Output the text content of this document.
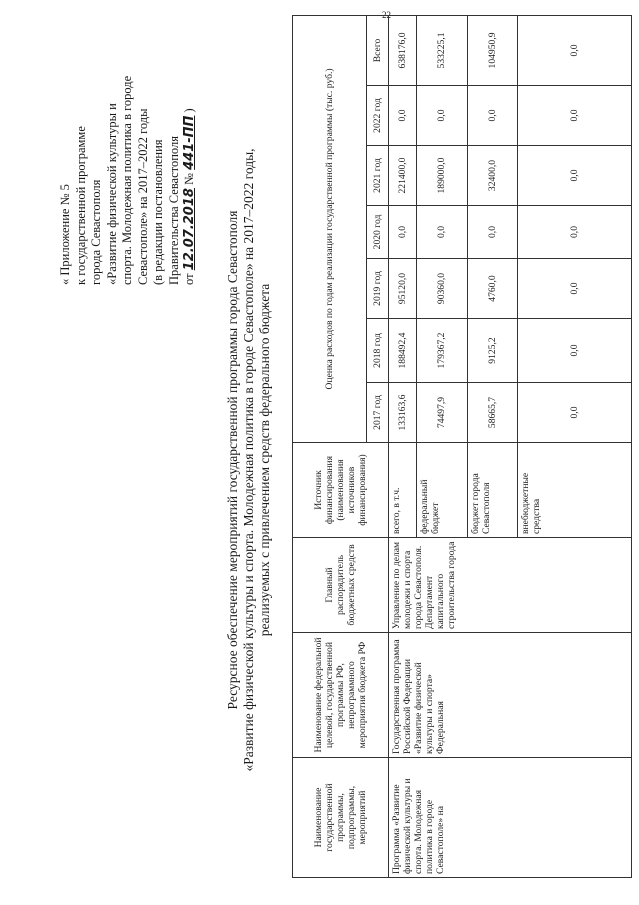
22
« Приложение № 5 к государственной программе города Севастополя «Развитие физической культуры и спорта. Молодежная политика в городе Севастополе» на 2017–2022 годы (в редакции постановления Правительства Севастополя от 12.07.2018 № 441-ПП )
Ресурсное обеспечение мероприятий государственной программы города Севастополя «Развитие физической культуры и спорта. Молодежная политика в городе Севастополе» на 2017–2022 годы, реализуемых с привлечением средств федерального бюджета
Наименование государственной программы, подпрограммы, мероприятий	Наименование федеральной целевой, государственной программы РФ, непрограммного мероприятия бюджета РФ	Главный распорядитель бюджетных средств	Источник финансирования (наименования источников финансирования)	Оценка расходов по годам реализации государственной программы (тыс. руб.)						
				2017 год	2018 год	2019 год	2020 год	2021 год	2022 год	Всего
Программа «Развитие физической культуры и спорта. Молодежная политика в городе Севастополе» на	Государственная программа Российской Федерации «Развитие физической культуры и спорта» Федеральная	Управление по делам молодежи и спорта города Севастополя. Департамент капитального строительства города	всего, в т.ч.	133163,6	188492,4	95120,0	0,0	221400,0	0,0	638176,0
			федеральный бюджет	74497,9	179367,2	90360,0	0,0	189000,0	0,0	533225,1
			бюджет города Севастополя	58665,7	9125,2	4760,0	0,0	32400,0	0,0	104950,9
			внебюджетные средства	0,0	0,0	0,0	0,0	0,0	0,0	0,0
